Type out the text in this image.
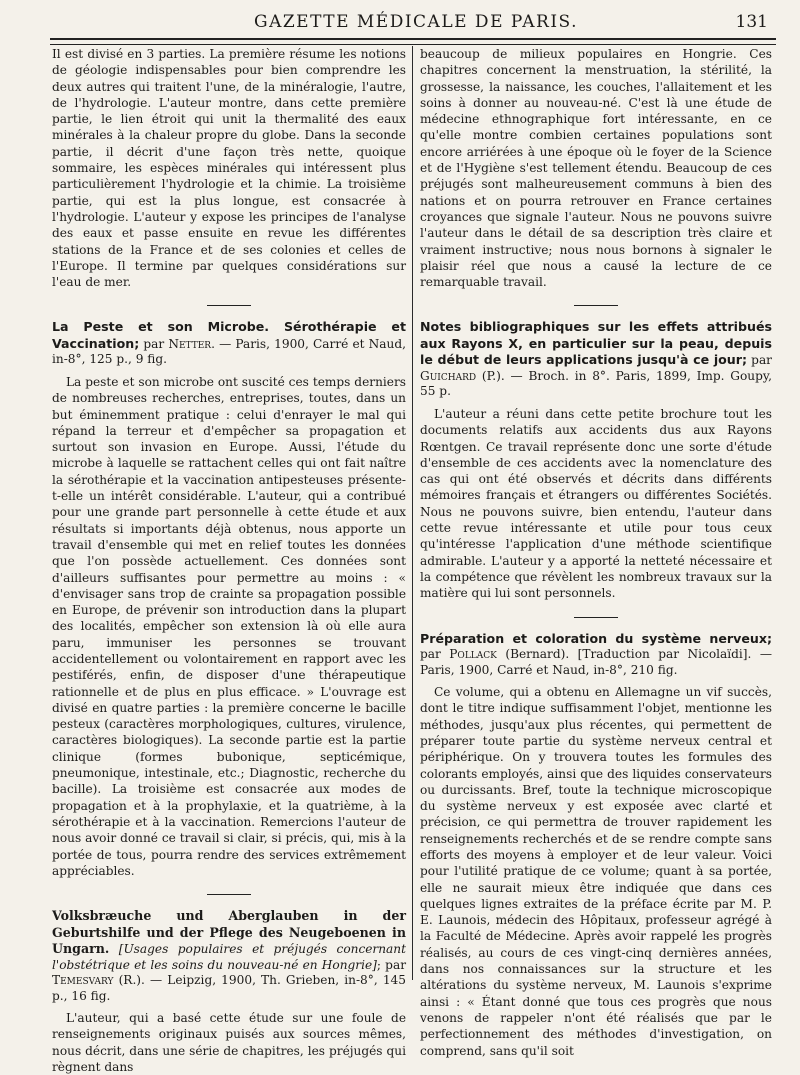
GAZETTE MÉDICALE DE PARIS.	131

Il est divisé en 3 parties. La première résume les notions de géologie indispensables pour bien comprendre les deux autres qui traitent l'une, de la minéralogie, l'autre, de l'hydrologie. L'auteur montre, dans cette première partie, le lien étroit qui unit la thermalité des eaux minérales à la chaleur propre du globe. Dans la seconde partie, il décrit d'une façon très nette, quoique sommaire, les espèces minérales qui intéressent plus particulièrement l'hydrologie et la chimie. La troisième partie, qui est la plus longue, est consacrée à l'hydrologie. L'auteur y expose les principes de l'analyse des eaux et passe ensuite en revue les différentes stations de la France et de ses colonies et celles de l'Europe. Il termine par quelques considérations sur l'eau de mer.

La Peste et son Microbe. Sérothérapie et Vaccination; par Netter. — Paris, 1900, Carré et Naud, in-8°, 125 p., 9 fig.

La peste et son microbe ont suscité ces temps derniers de nombreuses recherches, entreprises, toutes, dans un but éminemment pratique : celui d'enrayer le mal qui répand la terreur et d'empêcher sa propagation et surtout son invasion en Europe. Aussi, l'étude du microbe à laquelle se rattachent celles qui ont fait naître la sérothérapie et la vaccination antipesteuses présente-t-elle un intérêt considérable. L'auteur, qui a contribué pour une grande part personnelle à cette étude et aux résultats si importants déjà obtenus, nous apporte un travail d'ensemble qui met en relief toutes les données que l'on possède actuellement. Ces données sont d'ailleurs suffisantes pour permettre au moins : « d'envisager sans trop de crainte sa propagation possible en Europe, de prévenir son introduction dans la plupart des localités, empêcher son extension là où elle aura paru, immuniser les personnes se trouvant accidentellement ou volontairement en rapport avec les pestiférés, enfin, de disposer d'une thérapeutique rationnelle et de plus en plus efficace. » L'ouvrage est divisé en quatre parties : la première concerne le bacille pesteux (caractères morphologiques, cultures, virulence, caractères biologiques). La seconde partie est la partie clinique (formes bubonique, septicémique, pneumonique, intestinale, etc.; Diagnostic, recherche du bacille). La troisième est consacrée aux modes de propagation et à la prophylaxie, et la quatrième, à la sérothérapie et à la vaccination. Remercions l'auteur de nous avoir donné ce travail si clair, si précis, qui, mis à la portée de tous, pourra rendre des services extrêmement appréciables.

Volksbræuche und Aberglauben in der Geburtshilfe und der Pflege des Neugeboenen in Ungarn. [Usages populaires et préjugés concernant l'obstétrique et les soins du nouveau-né en Hongrie]; par Temesvary (R.). — Leipzig, 1900, Th. Grieben, in-8°, 145 p., 16 fig.

L'auteur, qui a basé cette étude sur une foule de renseignements originaux puisés aux sources mêmes, nous décrit, dans une série de chapitres, les préjugés qui règnent dans

beaucoup de milieux populaires en Hongrie. Ces chapitres concernent la menstruation, la stérilité, la grossesse, la naissance, les couches, l'allaitement et les soins à donner au nouveau-né. C'est là une étude de médecine ethnographique fort intéressante, en ce qu'elle montre combien certaines populations sont encore arriérées à une époque où le foyer de la Science et de l'Hygiène s'est tellement étendu. Beaucoup de ces préjugés sont malheureusement communs à bien des nations et on pourra retrouver en France certaines croyances que signale l'auteur. Nous ne pouvons suivre l'auteur dans le détail de sa description très claire et vraiment instructive; nous nous bornons à signaler le plaisir réel que nous a causé la lecture de ce remarquable travail.

Notes bibliographiques sur les effets attribués aux Rayons X, en particulier sur la peau, depuis le début de leurs applications jusqu'à ce jour; par Guichard (P.). — Broch. in 8°. Paris, 1899, Imp. Goupy, 55 p.

L'auteur a réuni dans cette petite brochure tout les documents relatifs aux accidents dus aux Rayons Rœntgen. Ce travail représente donc une sorte d'étude d'ensemble de ces accidents avec la nomenclature des cas qui ont été observés et décrits dans différents mémoires français et étrangers ou différentes Sociétés. Nous ne pouvons suivre, bien entendu, l'auteur dans cette revue intéressante et utile pour tous ceux qu'intéresse l'application d'une méthode scientifique admirable. L'auteur y a apporté la netteté nécessaire et la compétence que révèlent les nombreux travaux sur la matière qui lui sont personnels.

Préparation et coloration du système nerveux; par Pollack (Bernard). [Traduction par Nicolaïdi]. — Paris, 1900, Carré et Naud, in-8°, 210 fig.

Ce volume, qui a obtenu en Allemagne un vif succès, dont le titre indique suffisamment l'objet, mentionne les méthodes, jusqu'aux plus récentes, qui permettent de préparer toute partie du système nerveux central et périphérique. On y trouvera toutes les formules des colorants employés, ainsi que des liquides conservateurs ou durcissants. Bref, toute la technique microscopique du système nerveux y est exposée avec clarté et précision, ce qui permettra de trouver rapidement les renseignements recherchés et de se rendre compte sans efforts des moyens à employer et de leur valeur. Voici pour l'utilité pratique de ce volume; quant à sa portée, elle ne saurait mieux être indiquée que dans ces quelques lignes extraites de la préface écrite par M. P. E. Launois, médecin des Hôpitaux, professeur agrégé à la Faculté de Médecine. Après avoir rappelé les progrès réalisés, au cours de ces vingt-cinq dernières années, dans nos connaissances sur la structure et les altérations du système nerveux, M. Launois s'exprime ainsi : « Étant donné que tous ces progrès que nous venons de rappeler n'ont été réalisés que par le perfectionnement des méthodes d'investigation, on comprend, sans qu'il soit
